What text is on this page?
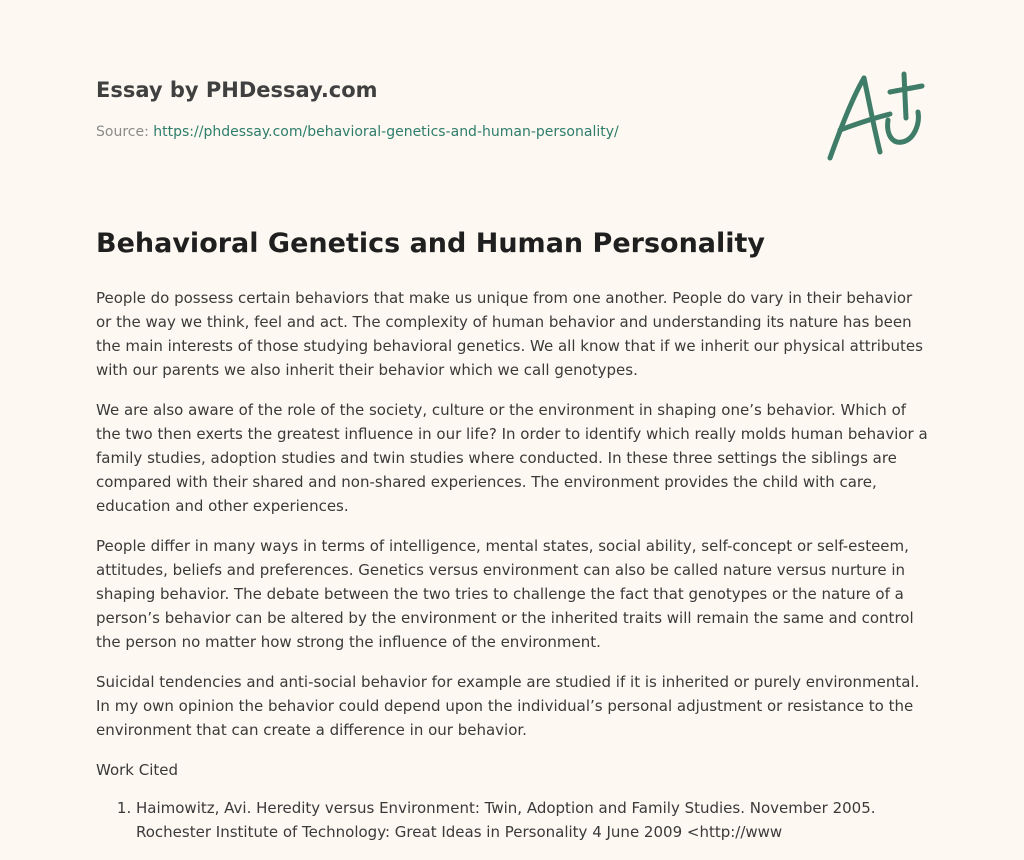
Essay by PHDessay.com
Source: https://phdessay.com/behavioral-genetics-and-human-personality/
Behavioral Genetics and Human Personality

People do possess certain behaviors that make us unique from one another. People do vary in their behavior or the way we think, feel and act. The complexity of human behavior and understanding its nature has been the main interests of those studying behavioral genetics. We all know that if we inherit our physical attributes with our parents we also inherit their behavior which we call genotypes.

We are also aware of the role of the society, culture or the environment in shaping one’s behavior. Which of the two then exerts the greatest influence in our life? In order to identify which really molds human behavior a family studies, adoption studies and twin studies where conducted. In these three settings the siblings are compared with their shared and non-shared experiences. The environment provides the child with care, education and other experiences.

People differ in many ways in terms of intelligence, mental states, social ability, self-concept or self-esteem, attitudes, beliefs and preferences. Genetics versus environment can also be called nature versus nurture in shaping behavior. The debate between the two tries to challenge the fact that genotypes or the nature of a person’s behavior can be altered by the environment or the inherited traits will remain the same and control the person no matter how strong the influence of the environment.

Suicidal tendencies and anti-social behavior for example are studied if it is inherited or purely environmental. In my own opinion the behavior could depend upon the individual’s personal adjustment or resistance to the environment that can create a difference in our behavior.

Work Cited

1. Haimowitz, Avi. Heredity versus Environment: Twin, Adoption and Family Studies. November 2005. Rochester Institute of Technology: Great Ideas in Personality 4 June 2009 <http://www
